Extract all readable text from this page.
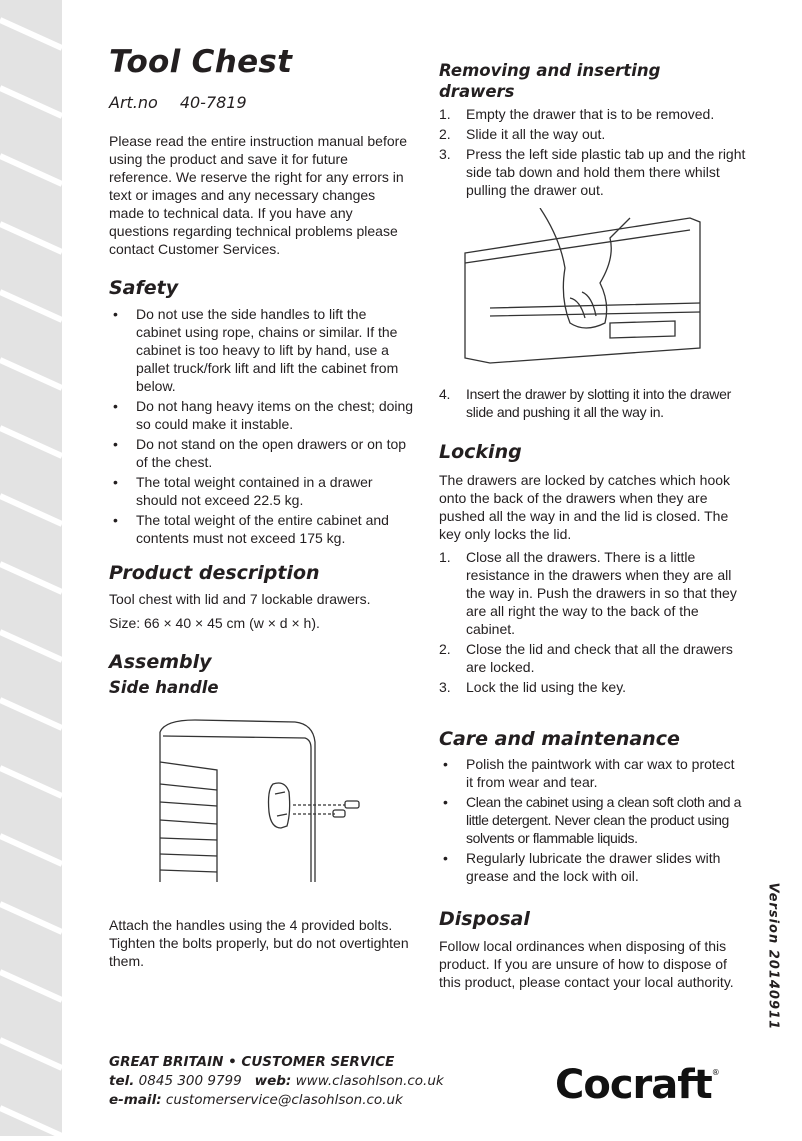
Tool Chest
Art.no 40-7819
Please read the entire instruction manual before using the product and save it for future reference. We reserve the right for any errors in text or images and any necessary changes made to technical data. If you have any questions regarding technical problems please contact Customer Services.
Safety
• Do not use the side handles to lift the cabinet using rope, chains or similar. If the cabinet is too heavy to lift by hand, use a pallet truck/fork lift and lift the cabinet from below.
• Do not hang heavy items on the chest; doing so could make it instable.
• Do not stand on the open drawers or on top of the chest.
• The total weight contained in a drawer should not exceed 22.5 kg.
• The total weight of the entire cabinet and contents must not exceed 175 kg.
Product description
Tool chest with lid and 7 lockable drawers.
Size: 66 × 40 × 45 cm (w × d × h).
Assembly
Side handle
Attach the handles using the 4 provided bolts. Tighten the bolts properly, but do not overtighten them.
Removing and inserting drawers
1. Empty the drawer that is to be removed.
2. Slide it all the way out.
3. Press the left side plastic tab up and the right side tab down and hold them there whilst pulling the drawer out.
4. Insert the drawer by slotting it into the drawer slide and pushing it all the way in.
Locking
The drawers are locked by catches which hook onto the back of the drawers when they are pushed all the way in and the lid is closed. The key only locks the lid.
1. Close all the drawers. There is a little resistance in the drawers when they are all the way in. Push the drawers in so that they are all right the way to the back of the cabinet.
2. Close the lid and check that all the drawers are locked.
3. Lock the lid using the key.
Care and maintenance
• Polish the paintwork with car wax to protect it from wear and tear.
• Clean the cabinet using a clean soft cloth and a little detergent. Never clean the product using solvents or flammable liquids.
• Regularly lubricate the drawer slides with grease and the lock with oil.
Disposal
Follow local ordinances when disposing of this product. If you are unsure of how to dispose of this product, please contact your local authority.	Version 20140911
GREAT BRITAIN • CUSTOMER SERVICE
tel. 0845 300 9799 web: www.clasohlson.co.uk
e-mail: customerservice@clasohlson.co.uk	Cocraft®
